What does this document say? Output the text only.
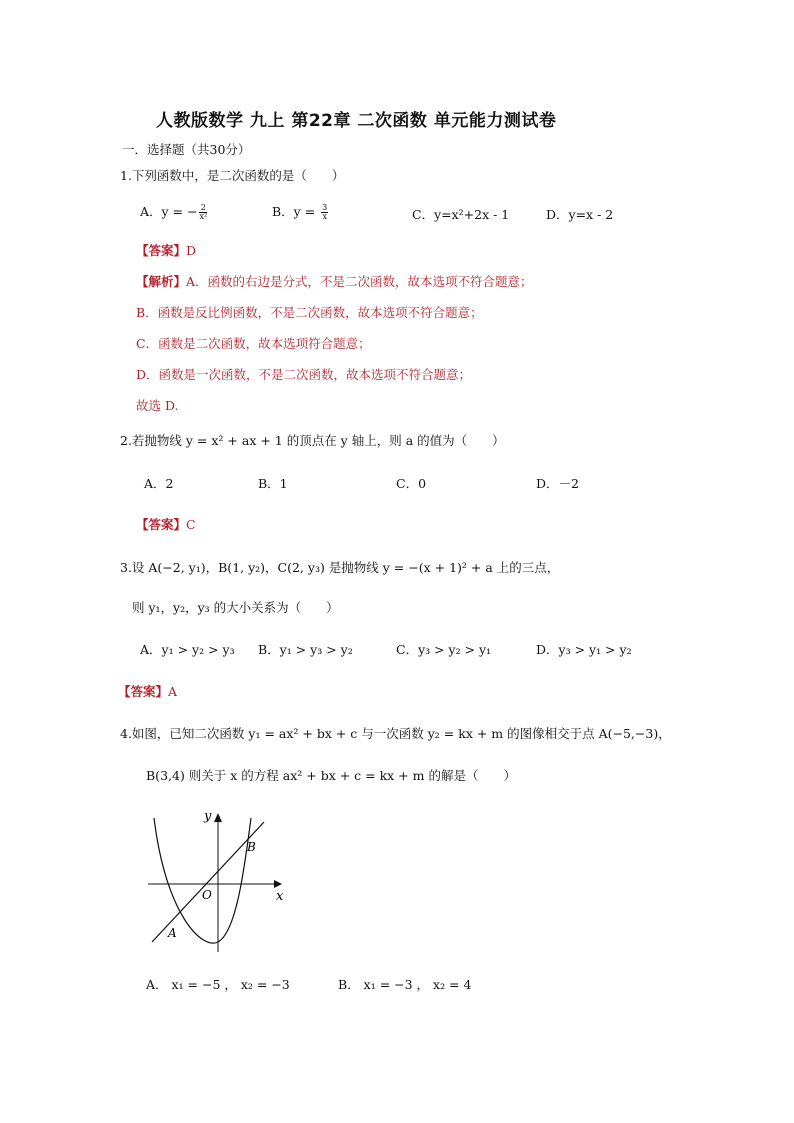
人教版数学 九上 第22章 二次函数 单元能力测试卷
一．选择题（共30分）
1.下列函数中，是二次函数的是（　　）
A．y = − $\frac{2}{\text{x²}}$	B．$y = \frac{3}{x}$	C．y=x²+2x - 1	D．y=x - 2
【答案】D
【解析】A．函数的右边是分式，不是二次函数，故本选项不符合题意；
B．函数是反比例函数，不是二次函数，故本选项不符合题意；
C．函数是二次函数，故本选项符合题意；
D．函数是一次函数，不是二次函数，故本选项不符合题意；
故选 D.
2.若抛物线 y = x² + ax + 1 的顶点在 y 轴上，则 a 的值为（　　）
A．2	B．1	C．0	D．－2
【答案】C
3.设 A(−2, y₁)，B(1, y₂)，C(2, y₃) 是抛物线 y = −(x + 1)² + a 上的三点，
则 y₁，y₂，y₃ 的大小关系为（　　）
A．y₁ > y₂ > y₃ B．y₁ > y₃ > y₂	C．y₃ > y₂ > y₁	D．y₃ > y₁ > y₂
【答案】A
4.如图，已知二次函数 y₁ = ax² + bx + c 与一次函数 y₂ = kx + m 的图像相交于点 A(−5,−3)，
B(3,4) 则关于 x 的方程 ax² + bx + c = kx + m 的解是（　　）
y
x
O
A
B
A． x₁ = −5 ， x₂ = −3	B． x₁ = −3 ， x₂ = 4
